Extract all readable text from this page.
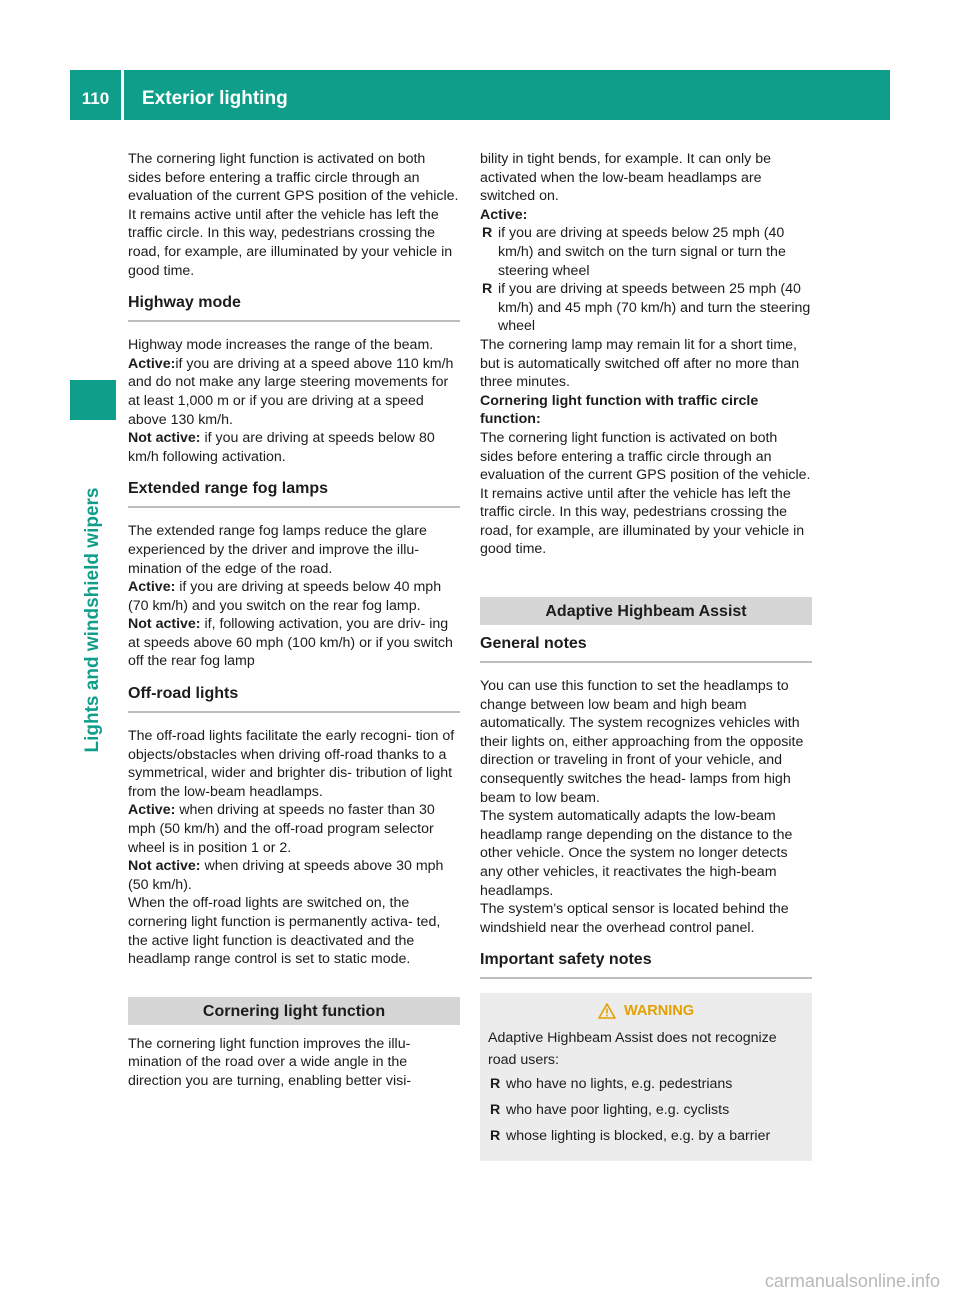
110	Exterior lighting
Lights and windshield wipers

The cornering light function is activated on both sides before entering a traffic circle through an evaluation of the current GPS position of the vehicle. It remains active until after the vehicle has left the traffic circle. In this way, pedestrians crossing the road, for example, are illuminated by your vehicle in good time.

Highway mode

Highway mode increases the range of the beam.

Active:if you are driving at a speed above 110 km/h and do not make any large steering movements for at least 1,000 m or if you are driving at a speed above 130 km/h.

Not active: if you are driving at speeds below 80 km/h following activation.

Extended range fog lamps

The extended range fog lamps reduce the glare experienced by the driver and improve the illu- mination of the edge of the road.

Active: if you are driving at speeds below 40 mph (70 km/h) and you switch on the rear fog lamp.

Not active: if, following activation, you are driv- ing at speeds above 60 mph (100 km/h) or if you switch off the rear fog lamp

Off-road lights

The off-road lights facilitate the early recogni- tion of objects/obstacles when driving off-road thanks to a symmetrical, wider and brighter dis- tribution of light from the low-beam headlamps.

Active: when driving at speeds no faster than 30 mph (50 km/h) and the off-road program selector wheel is in position 1 or 2.

Not active: when driving at speeds above 30 mph (50 km/h).

When the off-road lights are switched on, the cornering light function is permanently activa- ted, the active light function is deactivated and the headlamp range control is set to static mode.

Cornering light function

The cornering light function improves the illu- mination of the road over a wide angle in the direction you are turning, enabling better visi-

bility in tight bends, for example. It can only be activated when the low-beam headlamps are switched on.

Active:

R if you are driving at speeds below 25 mph (40 km/h) and switch on the turn signal or turn the steering wheel
R if you are driving at speeds between 25 mph (40 km/h) and 45 mph (70 km/h) and turn the steering wheel

The cornering lamp may remain lit for a short time, but is automatically switched off after no more than three minutes.

Cornering light function with traffic circle function:

The cornering light function is activated on both sides before entering a traffic circle through an evaluation of the current GPS position of the vehicle. It remains active until after the vehicle has left the traffic circle. In this way, pedestrians crossing the road, for example, are illuminated by your vehicle in good time.

Adaptive Highbeam Assist
General notes

You can use this function to set the headlamps to change between low beam and high beam automatically. The system recognizes vehicles with their lights on, either approaching from the opposite direction or traveling in front of your vehicle, and consequently switches the head- lamps from high beam to low beam.

The system automatically adapts the low-beam headlamp range depending on the distance to the other vehicle. Once the system no longer detects any other vehicles, it reactivates the high-beam headlamps.

The system's optical sensor is located behind the windshield near the overhead control panel.

Important safety notes
WARNING

Adaptive Highbeam Assist does not recognize road users:

R who have no lights, e.g. pedestrians
R who have poor lighting, e.g. cyclists
R whose lighting is blocked, e.g. by a barrier
carmanualsonline.info
